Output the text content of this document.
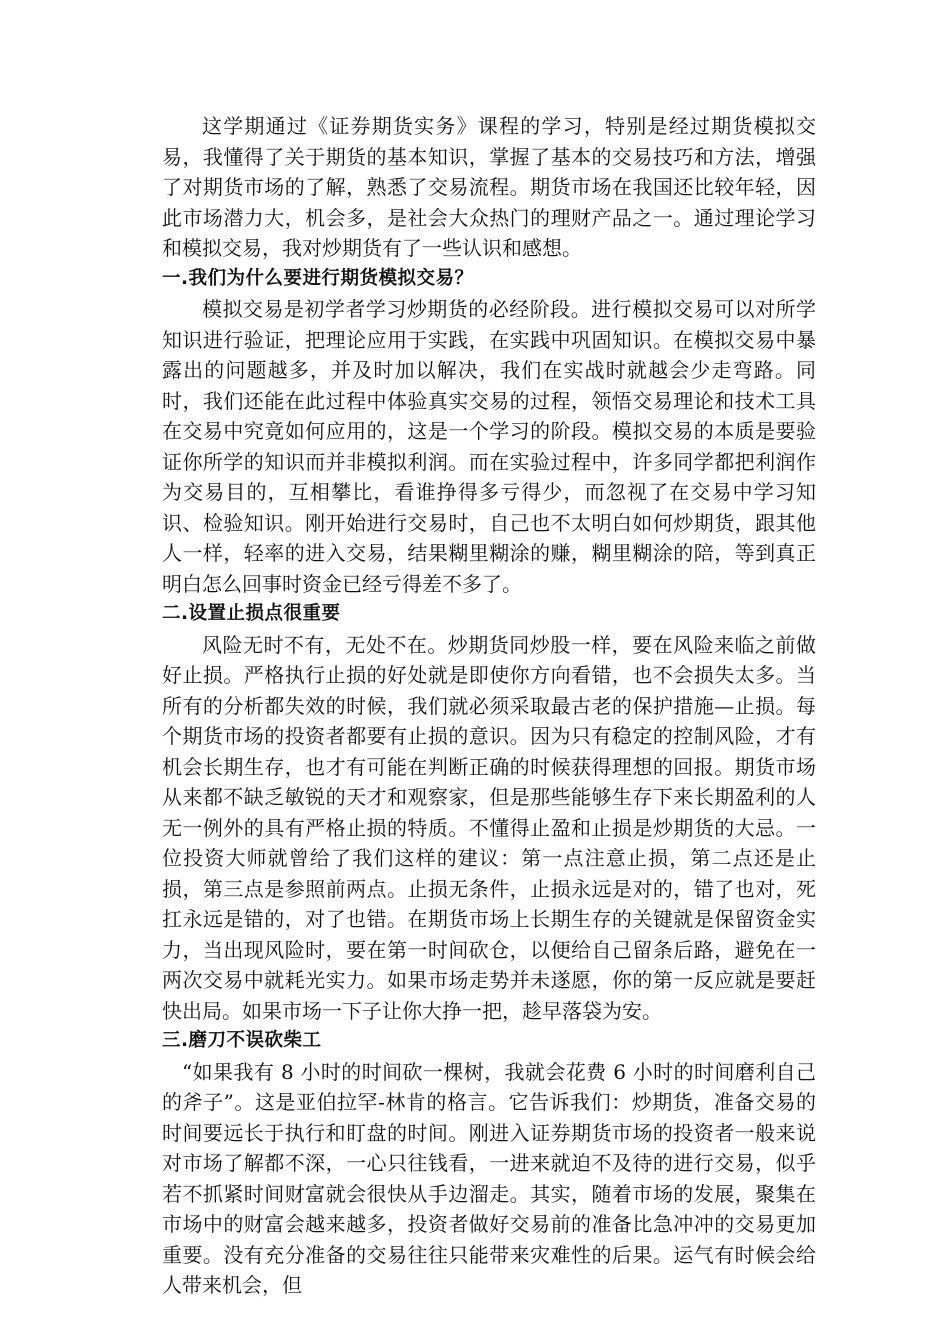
这学期通过《证券期货实务》课程的学习，特别是经过期货模拟交易，我懂得了关于期货的基本知识，掌握了基本的交易技巧和方法，增强了对期货市场的了解，熟悉了交易流程。期货市场在我国还比较年轻，因此市场潜力大，机会多，是社会大众热门的理财产品之一。通过理论学习和模拟交易，我对炒期货有了一些认识和感想。

一.我们为什么要进行期货模拟交易？

模拟交易是初学者学习炒期货的必经阶段。进行模拟交易可以对所学知识进行验证，把理论应用于实践，在实践中巩固知识。在模拟交易中暴露出的问题越多，并及时加以解决，我们在实战时就越会少走弯路。同时，我们还能在此过程中体验真实交易的过程，领悟交易理论和技术工具在交易中究竟如何应用的，这是一个学习的阶段。模拟交易的本质是要验证你所学的知识而并非模拟利润。而在实验过程中，许多同学都把利润作为交易目的，互相攀比，看谁挣得多亏得少，而忽视了在交易中学习知识、检验知识。刚开始进行交易时，自己也不太明白如何炒期货，跟其他人一样，轻率的进入交易，结果糊里糊涂的赚，糊里糊涂的陪，等到真正明白怎么回事时资金已经亏得差不多了。

二.设置止损点很重要

风险无时不有，无处不在。炒期货同炒股一样，要在风险来临之前做好止损。严格执行止损的好处就是即使你方向看错，也不会损失太多。当所有的分析都失效的时候，我们就必须采取最古老的保护措施—止损。每个期货市场的投资者都要有止损的意识。因为只有稳定的控制风险，才有机会长期生存，也才有可能在判断正确的时候获得理想的回报。期货市场从来都不缺乏敏锐的天才和观察家，但是那些能够生存下来长期盈利的人无一例外的具有严格止损的特质。不懂得止盈和止损是炒期货的大忌。一位投资大师就曾给了我们这样的建议：第一点注意止损，第二点还是止损，第三点是参照前两点。止损无条件，止损永远是对的，错了也对，死扛永远是错的，对了也错。在期货市场上长期生存的关键就是保留资金实力，当出现风险时，要在第一时间砍仓，以便给自己留条后路，避免在一两次交易中就耗光实力。如果市场走势并未遂愿，你的第一反应就是要赶快出局。如果市场一下子让你大挣一把，趁早落袋为安。

三.磨刀不误砍柴工

“如果我有 8 小时的时间砍一棵树，我就会花费 6 小时的时间磨利自己的斧子”。这是亚伯拉罕-林肯的格言。它告诉我们：炒期货，准备交易的时间要远长于执行和盯盘的时间。刚进入证券期货市场的投资者一般来说对市场了解都不深，一心只往钱看，一进来就迫不及待的进行交易，似乎若不抓紧时间财富就会很快从手边溜走。其实，随着市场的发展，聚集在市场中的财富会越来越多，投资者做好交易前的准备比急冲冲的交易更加重要。没有充分准备的交易往往只能带来灾难性的后果。运气有时候会给人带来机会，但
